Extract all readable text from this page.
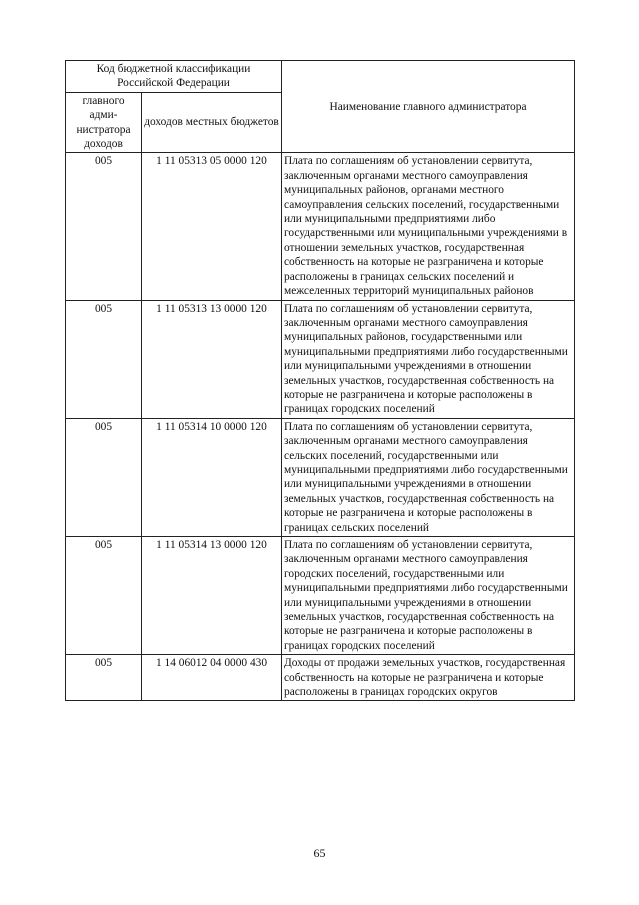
Код бюджетной классификации Российской Федерации		Наименование главного администратора
главного адми-нистратора доходов	доходов местных бюджетов	
005	1 11 05313 05 0000 120	Плата по соглашениям об установлении сервитута, заключенным органами местного самоуправления муниципальных районов, органами местного самоуправления сельских поселений, государственными или муниципальными предприятиями либо государственными или муниципальными учреждениями в отношении земельных участков, государственная собственность на которые не разграничена и которые расположены в границах сельских поселений и межселенных территорий муниципальных районов
005	1 11 05313 13 0000 120	Плата по соглашениям об установлении сервитута, заключенным органами местного самоуправления муниципальных районов, государственными или муниципальными предприятиями либо государственными или муниципальными учреждениями в отношении земельных участков, государственная собственность на которые не разграничена и которые расположены в границах городских поселений
005	1 11 05314 10 0000 120	Плата по соглашениям об установлении сервитута, заключенным органами местного самоуправления сельских поселений, государственными или муниципальными предприятиями либо государственными или муниципальными учреждениями в отношении земельных участков, государственная собственность на которые не разграничена и которые расположены в границах сельских поселений
005	1 11 05314 13 0000 120	Плата по соглашениям об установлении сервитута, заключенным органами местного самоуправления городских поселений, государственными или муниципальными предприятиями либо государственными или муниципальными учреждениями в отношении земельных участков, государственная собственность на которые не разграничена и которые расположены в границах городских поселений
005	1 14 06012 04 0000 430	Доходы от продажи земельных участков, государственная собственность на которые не разграничена и которые расположены в границах городских округов
65
